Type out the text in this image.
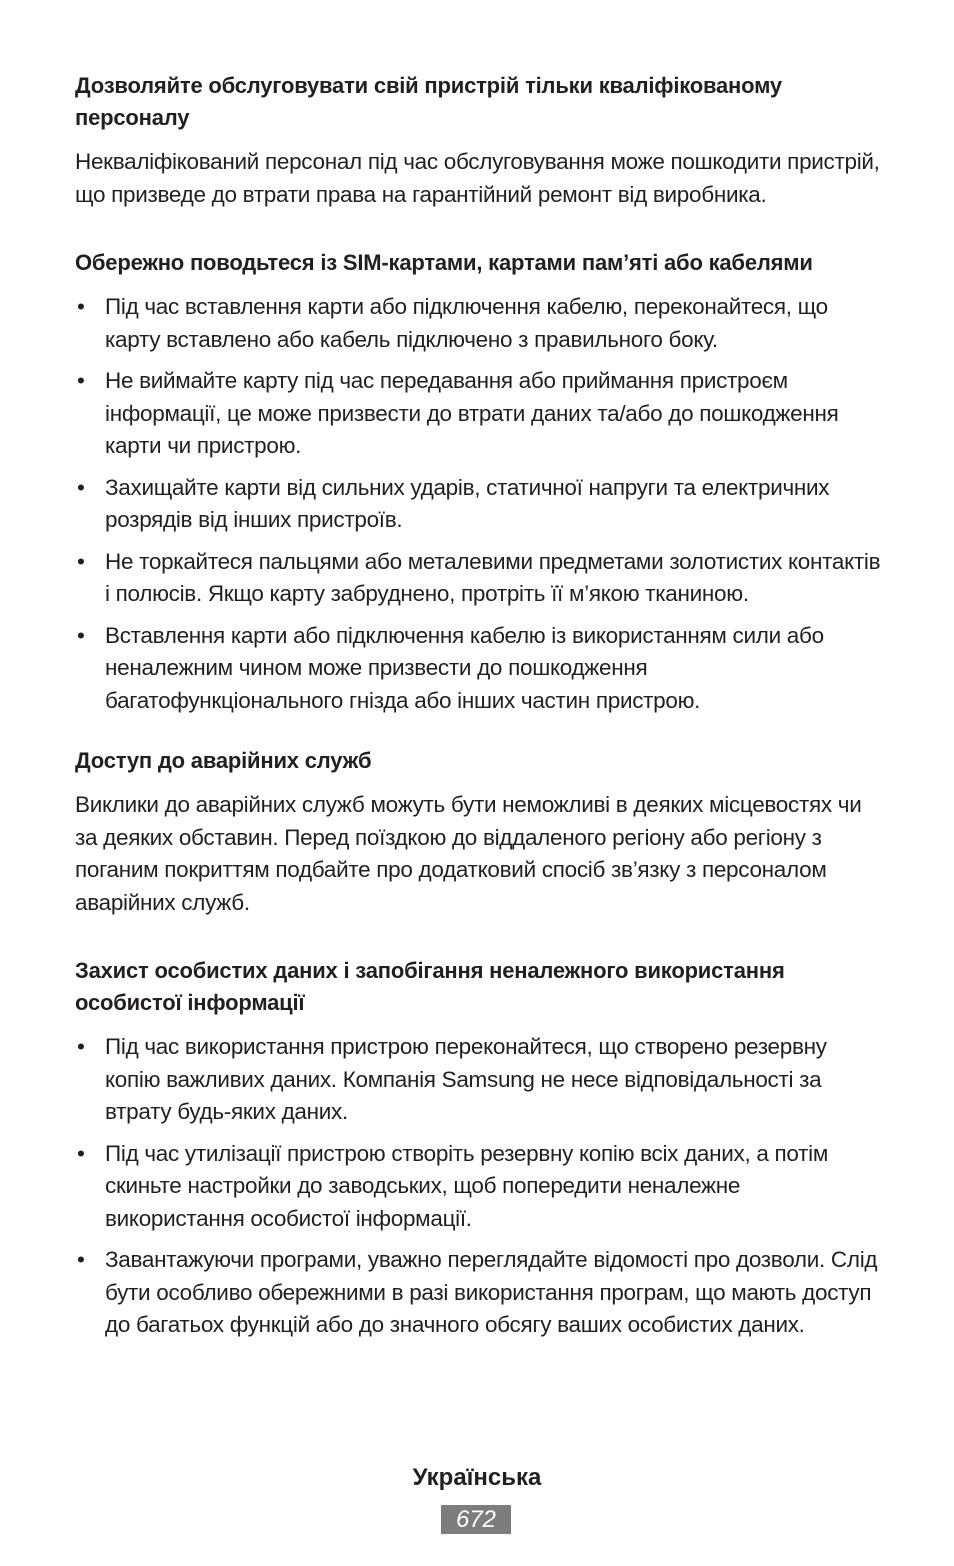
Дозволяйте обслуговувати свій пристрій тільки кваліфікованому персоналу
Некваліфікований персонал під час обслуговування може пошкодити пристрій, що призведе до втрати права на гарантійний ремонт від виробника.
Обережно поводьтеся із SIM-картами, картами пам’яті або кабелями
• Під час вставлення карти або підключення кабелю, переконайтеся, що карту вставлено або кабель підключено з правильного боку.
• Не виймайте карту під час передавання або приймання пристроєм інформації, це може призвести до втрати даних та/або до пошкодження карти чи пристрою.
• Захищайте карти від сильних ударів, статичної напруги та електричних розрядів від інших пристроїв.
• Не торкайтеся пальцями або металевими предметами золотистих контактів і полюсів. Якщо карту забруднено, протріть її м’якою тканиною.
• Вставлення карти або підключення кабелю із використанням сили або неналежним чином може призвести до пошкодження багатофункціонального гнізда або інших частин пристрою.
Доступ до аварійних служб
Виклики до аварійних служб можуть бути неможливі в деяких місцевостях чи за деяких обставин. Перед поїздкою до віддаленого регіону або регіону з поганим покриттям подбайте про додатковий спосіб зв’язку з персоналом аварійних служб.
Захист особистих даних і запобігання неналежного використання особистої інформації
• Під час використання пристрою переконайтеся, що створено резервну копію важливих даних. Компанія Samsung не несе відповідальності за втрату будь-яких даних.
• Під час утилізації пристрою створіть резервну копію всіх даних, а потім скиньте настройки до заводських, щоб попередити неналежне використання особистої інформації.
• Завантажуючи програми, уважно переглядайте відомості про дозволи. Слід бути особливо обережними в разі використання програм, що мають доступ до багатьох функцій або до значного обсягу ваших особистих даних.
Українська
672
